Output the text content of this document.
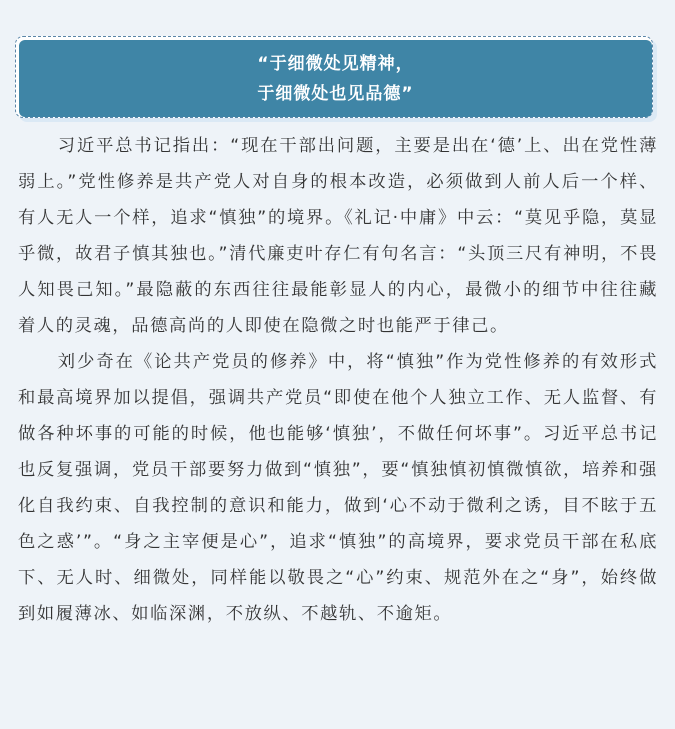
“于细微处见精神，
于细微处也见品德”

习近平总书记指出：“现在干部出问题，主要是出在‘德’上、出在党性薄弱上。”党性修养是共产党人对自身的根本改造，必须做到人前人后一个样、有人无人一个样，追求“慎独”的境界。《礼记·中庸》中云：“莫见乎隐，莫显乎微，故君子慎其独也。”清代廉吏叶存仁有句名言：“头顶三尺有神明，不畏人知畏己知。”最隐蔽的东西往往最能彰显人的内心，最微小的细节中往往藏着人的灵魂，品德高尚的人即使在隐微之时也能严于律己。

刘少奇在《论共产党员的修养》中，将“慎独”作为党性修养的有效形式和最高境界加以提倡，强调共产党员“即使在他个人独立工作、无人监督、有做各种坏事的可能的时候，他也能够‘慎独’，不做任何坏事”。习近平总书记也反复强调，党员干部要努力做到“慎独”，要“慎独慎初慎微慎欲，培养和强化自我约束、自我控制的意识和能力，做到‘心不动于微利之诱，目不眩于五色之惑’”。“身之主宰便是心”，追求“慎独”的高境界，要求党员干部在私底下、无人时、细微处，同样能以敬畏之“心”约束、规范外在之“身”，始终做到如履薄冰、如临深渊，不放纵、不越轨、不逾矩。
